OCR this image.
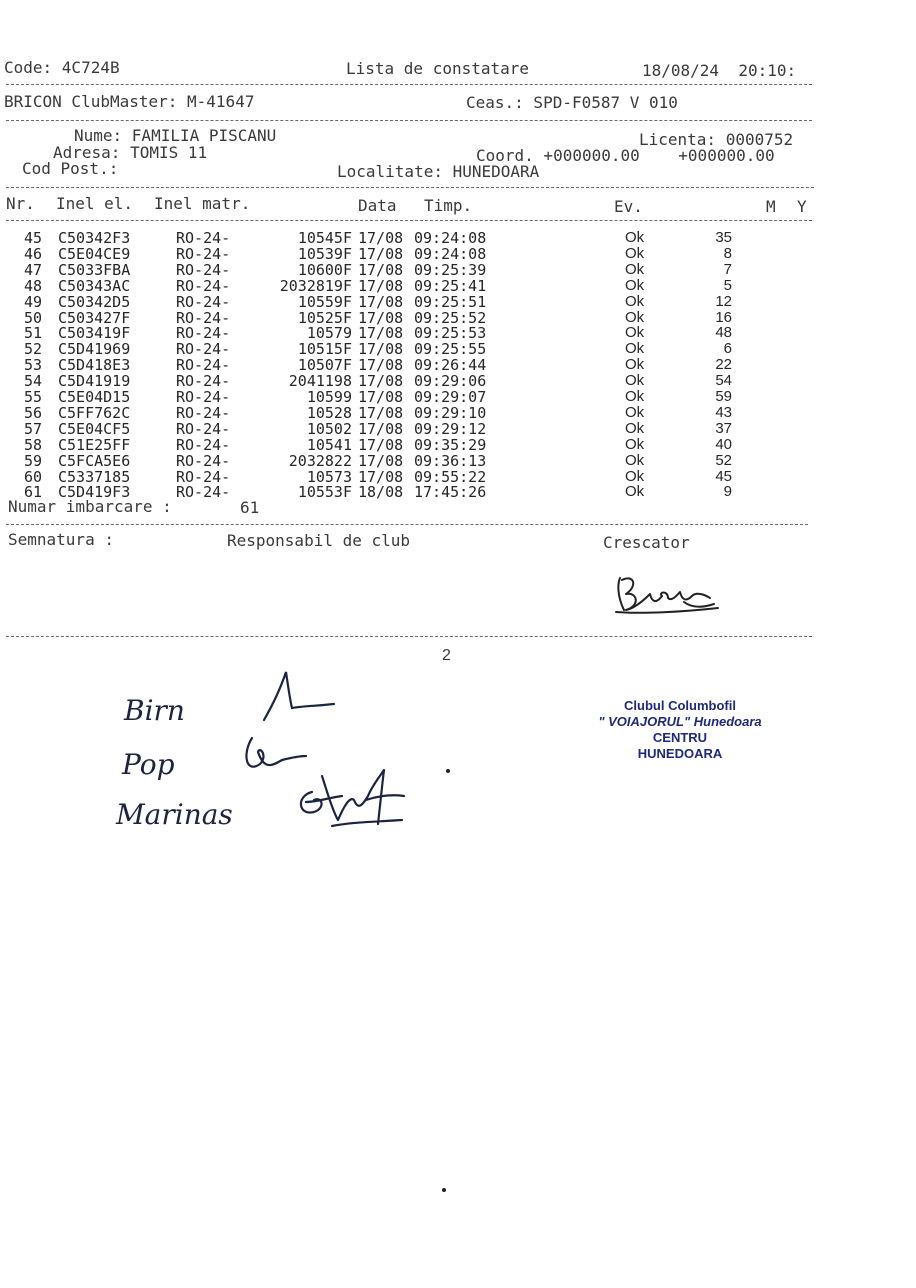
Code: 4C724B	Lista de constatare	18/08/24  20:10:
BRICON ClubMaster: M-41647	Ceas.: SPD-F0587 V 010
Nume: FAMILIA PISCANU	Licenta: 0000752
Adresa: TOMIS 11	Coord. +000000.00    +000000.00
Cod Post.:	Localitate: HUNEDOARA
Nr. Inel el. Inel matr.	Data Timp.	Ev.	M Y
45 C50342F3	RO-24-	10545F 17/08 09:24:08	Ok	35
46 C5E04CE9	RO-24-	10539F 17/08 09:24:08	Ok	8
47 C5033FBA	RO-24-	10600F 17/08 09:25:39	Ok	7
48 C50343AC	RO-24-	2032819F 17/08 09:25:41	Ok	5
49 C50342D5	RO-24-	10559F 17/08 09:25:51	Ok	12
50 C503427F	RO-24-	10525F 17/08 09:25:52	Ok	16
51 C503419F	RO-24-	10579 17/08 09:25:53	Ok	48
52 C5D41969	RO-24-	10515F 17/08 09:25:55	Ok	6
53 C5D418E3	RO-24-	10507F 17/08 09:26:44	Ok	22
54 C5D41919	RO-24-	2041198 17/08 09:29:06	Ok	54
55 C5E04D15	RO-24-	10599 17/08 09:29:07	Ok	59
56 C5FF762C	RO-24-	10528 17/08 09:29:10	Ok	43
57 C5E04CF5	RO-24-	10502 17/08 09:29:12	Ok	37
58 C51E25FF	RO-24-	10541 17/08 09:35:29	Ok	40
59 C5FCA5E6	RO-24-	2032822 17/08 09:36:13	Ok	52
60 C5337185	RO-24-	10573 17/08 09:55:22	Ok	45
61 C5D419F3	RO-24-	10553F 18/08 17:45:26	Ok	9
Numar imbarcare :	61
Semnatura :	Responsabil de club	Crescator
2
Birn
Pop
Marinas
Clubul Columbofil
" VOIAJORUL" Hunedoara
CENTRU
HUNEDOARA
